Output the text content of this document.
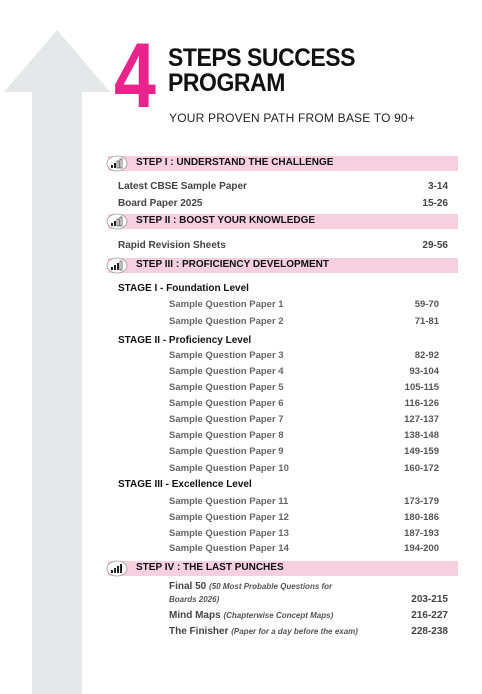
4 STEPS SUCCESS
PROGRAM
YOUR PROVEN PATH FROM BASE TO 90+
STEP I : UNDERSTAND THE CHALLENGE
Latest CBSE Sample Paper	3-14
Board Paper 2025	15-26
STEP II : BOOST YOUR KNOWLEDGE
Rapid Revision Sheets	29-56
STEP III : PROFICIENCY DEVELOPMENT
STAGE I - Foundation Level
Sample Question Paper 1	59-70
Sample Question Paper 2	71-81
STAGE II - Proficiency Level
Sample Question Paper 3	82-92
Sample Question Paper 4	93-104
Sample Question Paper 5	105-115
Sample Question Paper 6	116-126
Sample Question Paper 7	127-137
Sample Question Paper 8	138-148
Sample Question Paper 9	149-159
Sample Question Paper 10	160-172
STAGE III - Excellence Level
Sample Question Paper 11	173-179
Sample Question Paper 12	180-186
Sample Question Paper 13	187-193
Sample Question Paper 14	194-200
STEP IV : THE LAST PUNCHES
Final 50 (50 Most Probable Questions for
Boards 2026)	203-215
Mind Maps (Chapterwise Concept Maps)	216-227
The Finisher (Paper for a day before the exam)	228-238
